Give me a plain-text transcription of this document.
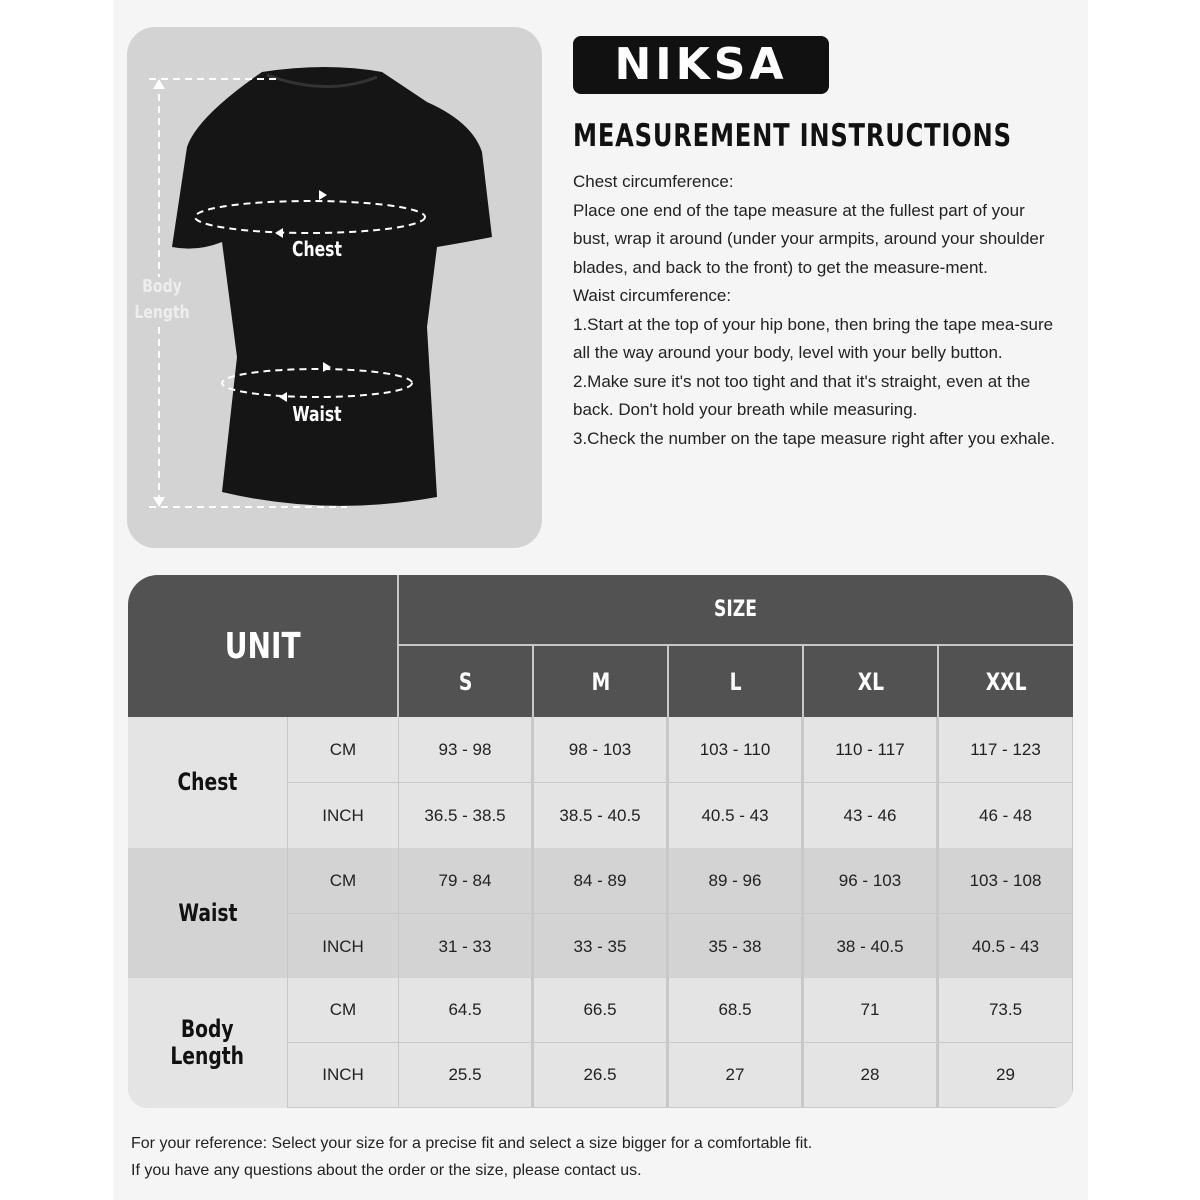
Chest
Waist
Body Length
NIKSA
MEASUREMENT INSTRUCTIONS

Chest circumference:

Place one end of the tape measure at the fullest part of your bust, wrap it around (under your armpits, around your shoulder blades, and back to the front) to get the measure-ment.

Waist circumference:

1.Start at the top of your hip bone, then bring the tape mea-sure all the way around your body, level with your belly button.

2.Make sure it's not too tight and that it's straight, even at the back. Don't hold your breath while measuring.

3.Check the number on the tape measure right after you exhale.

UNIT
SIZE
S	M	L	XL	XXL
Chest
CM	93 - 98	98 - 103	103 - 110	110 - 117	117 - 123
INCH	36.5 - 38.5	38.5 - 40.5	40.5 - 43	43 - 46	46 - 48
Waist
CM	79 - 84	84 - 89	89 - 96	96 - 103	103 - 108
INCH	31 - 33	33 - 35	35 - 38	38 - 40.5	40.5 - 43
Body Length
CM	64.5	66.5	68.5	71	73.5
INCH	25.5	26.5	27	28	29

For your reference: Select your size for a precise fit and select a size bigger for a comfortable fit.

If you have any questions about the order or the size, please contact us.
